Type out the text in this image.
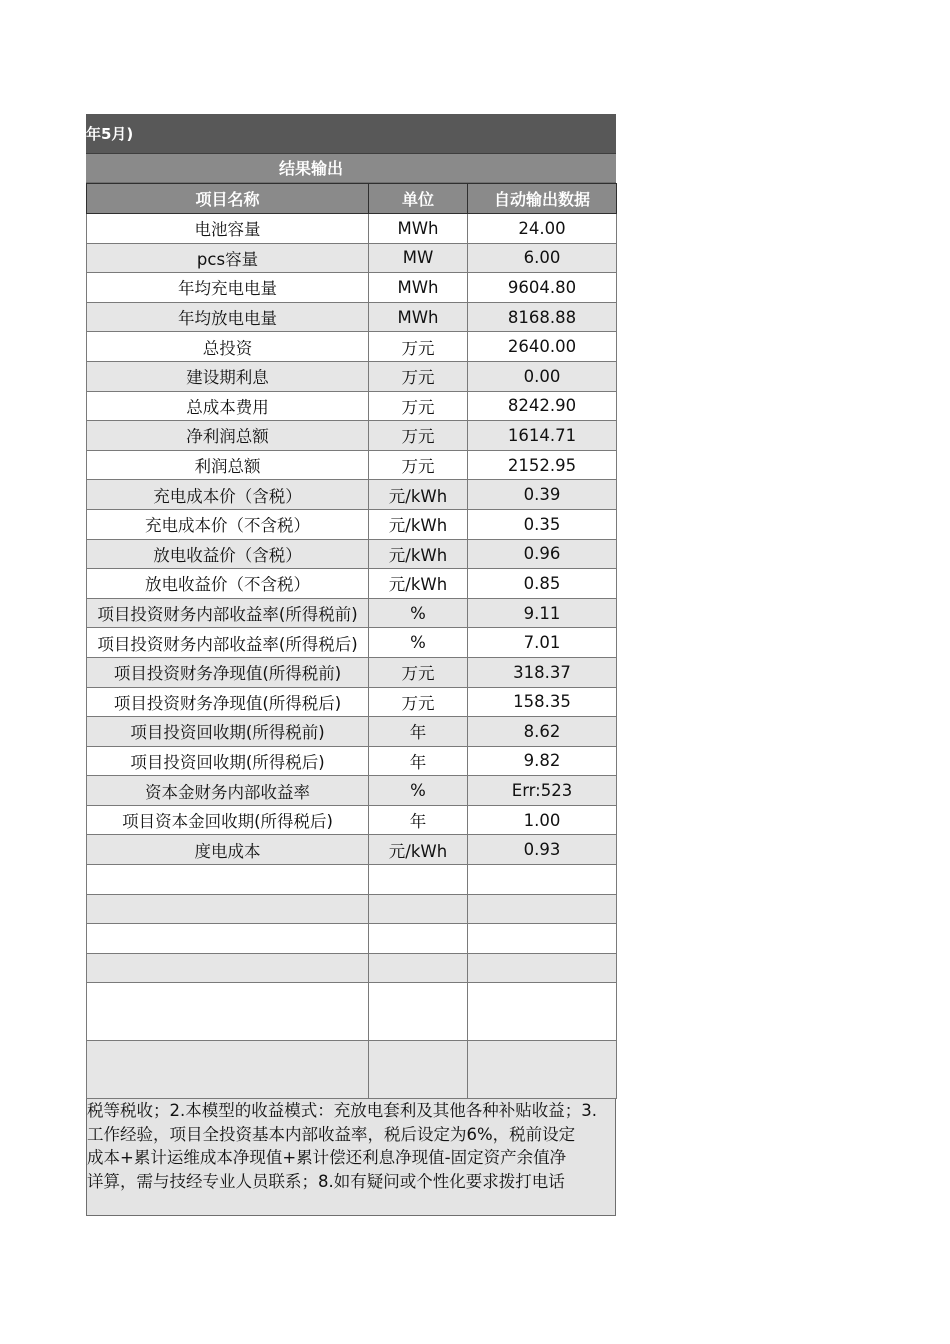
年5月)
结果输出
项目名称	单位	自动输出数据
电池容量	MWh	24.00
pcs容量	MW	6.00
年均充电电量	MWh	9604.80
年均放电电量	MWh	8168.88
总投资	万元	2640.00
建设期利息	万元	0.00
总成本费用	万元	8242.90
净利润总额	万元	1614.71
利润总额	万元	2152.95
充电成本价（含税）	元/kWh	0.39
充电成本价（不含税）	元/kWh	0.35
放电收益价（含税）	元/kWh	0.96
放电收益价（不含税）	元/kWh	0.85
项目投资财务内部收益率(所得税前)	%	9.11
项目投资财务内部收益率(所得税后)	%	7.01
项目投资财务净现值(所得税前)	万元	318.37
项目投资财务净现值(所得税后)	万元	158.35
项目投资回收期(所得税前)	年	8.62
项目投资回收期(所得税后)	年	9.82
资本金财务内部收益率	%	Err:523
项目资本金回收期(所得税后)	年	1.00
度电成本	元/kWh	0.93

税等税收；2.本模型的收益模式：充放电套利及其他各种补贴收益；3.
工作经验，项目全投资基本内部收益率，税后设定为6%，税前设定
成本+累计运维成本净现值+累计偿还利息净现值-固定资产余值净
详算，需与技经专业人员联系；8.如有疑问或个性化要求拨打电话
